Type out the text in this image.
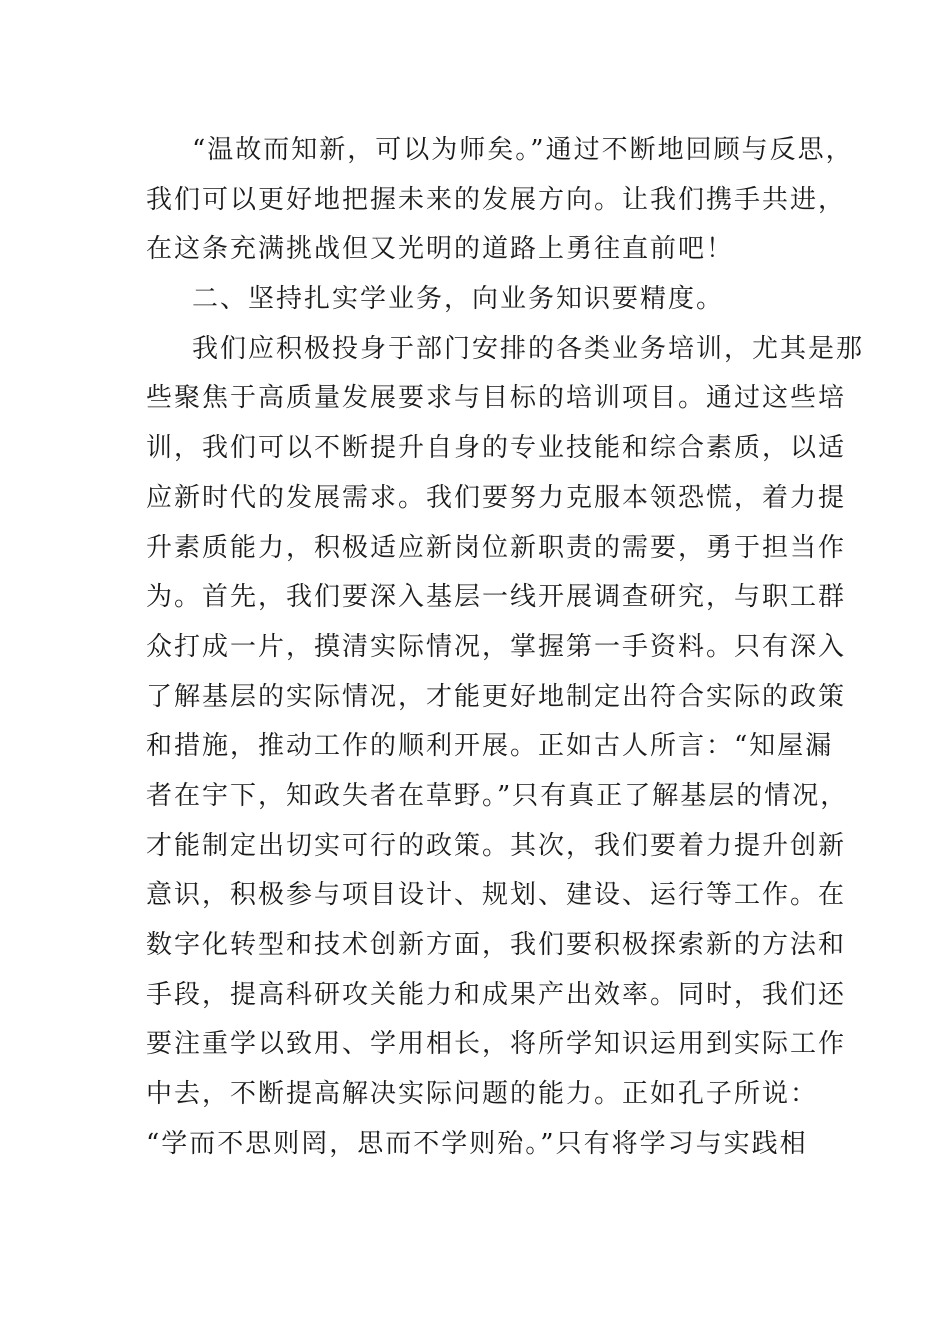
“温故而知新，可以为师矣。”通过不断地回顾与反思，
我们可以更好地把握未来的发展方向。让我们携手共进，
在这条充满挑战但又光明的道路上勇往直前吧！
二、坚持扎实学业务，向业务知识要精度。
我们应积极投身于部门安排的各类业务培训，尤其是那
些聚焦于高质量发展要求与目标的培训项目。通过这些培
训，我们可以不断提升自身的专业技能和综合素质，以适
应新时代的发展需求。我们要努力克服本领恐慌，着力提
升素质能力，积极适应新岗位新职责的需要，勇于担当作
为。首先，我们要深入基层一线开展调查研究，与职工群
众打成一片，摸清实际情况，掌握第一手资料。只有深入
了解基层的实际情况，才能更好地制定出符合实际的政策
和措施，推动工作的顺利开展。正如古人所言：“知屋漏
者在宇下，知政失者在草野。”只有真正了解基层的情况，
才能制定出切实可行的政策。其次，我们要着力提升创新
意识，积极参与项目设计、规划、建设、运行等工作。在
数字化转型和技术创新方面，我们要积极探索新的方法和
手段，提高科研攻关能力和成果产出效率。同时，我们还
要注重学以致用、学用相长，将所学知识运用到实际工作
中去，不断提高解决实际问题的能力。正如孔子所说：
“学而不思则罔，思而不学则殆。”只有将学习与实践相
